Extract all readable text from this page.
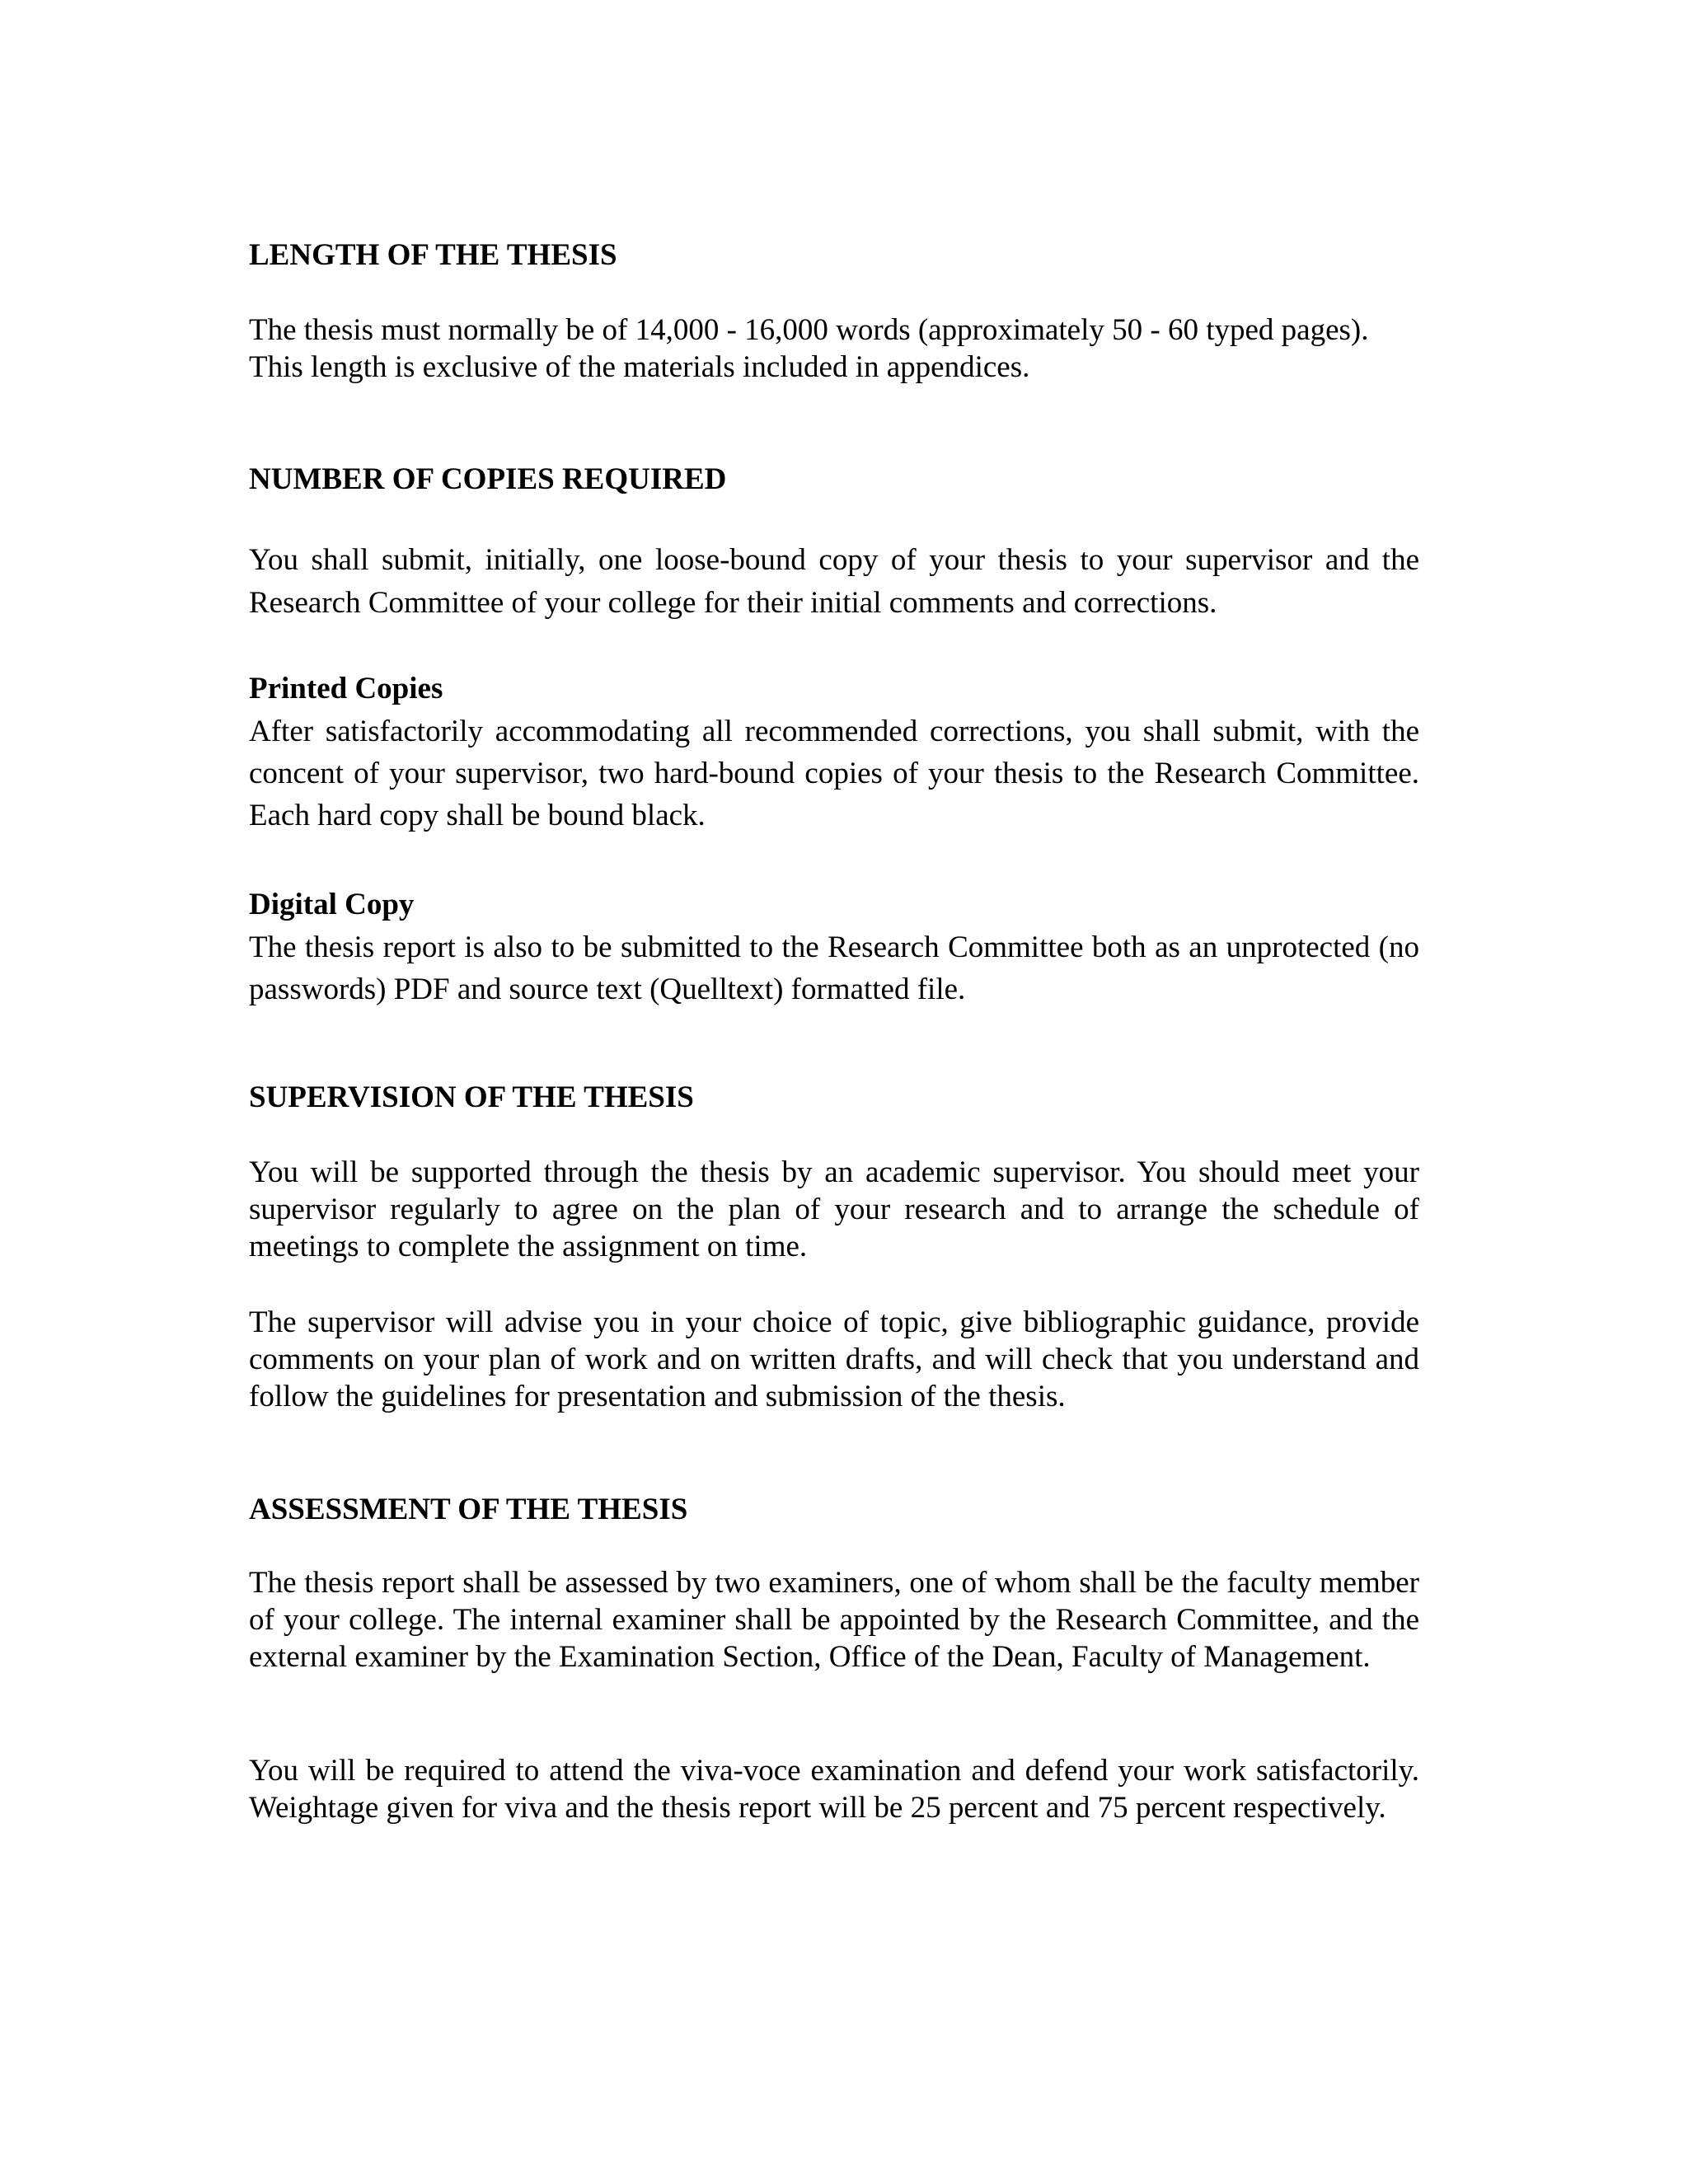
LENGTH OF THE THESIS

The thesis must normally be of 14,000 - 16,000 words (approximately 50 - 60 typed pages). This length is exclusive of the materials included in appendices.

NUMBER OF COPIES REQUIRED

You shall submit, initially, one loose-bound copy of your thesis to your supervisor and the Research Committee of your college for their initial comments and corrections.

Printed Copies

After satisfactorily accommodating all recommended corrections, you shall submit, with the concent of your supervisor, two hard-bound copies of your thesis to the Research Committee. Each hard copy shall be bound black.

Digital Copy

The thesis report is also to be submitted to the Research Committee both as an unprotected (no passwords) PDF and source text (Quelltext) formatted file.

SUPERVISION OF THE THESIS

You will be supported through the thesis by an academic supervisor. You should meet your supervisor regularly to agree on the plan of your research and to arrange the schedule of meetings to complete the assignment on time.

The supervisor will advise you in your choice of topic, give bibliographic guidance, provide comments on your plan of work and on written drafts, and will check that you understand and follow the guidelines for presentation and submission of the thesis.

ASSESSMENT OF THE THESIS

The thesis report shall be assessed by two examiners, one of whom shall be the faculty member of your college. The internal examiner shall be appointed by the Research Committee, and the external examiner by the Examination Section, Office of the Dean, Faculty of Management.

You will be required to attend the viva-voce examination and defend your work satisfactorily. Weightage given for viva and the thesis report will be 25 percent and 75 percent respectively.
